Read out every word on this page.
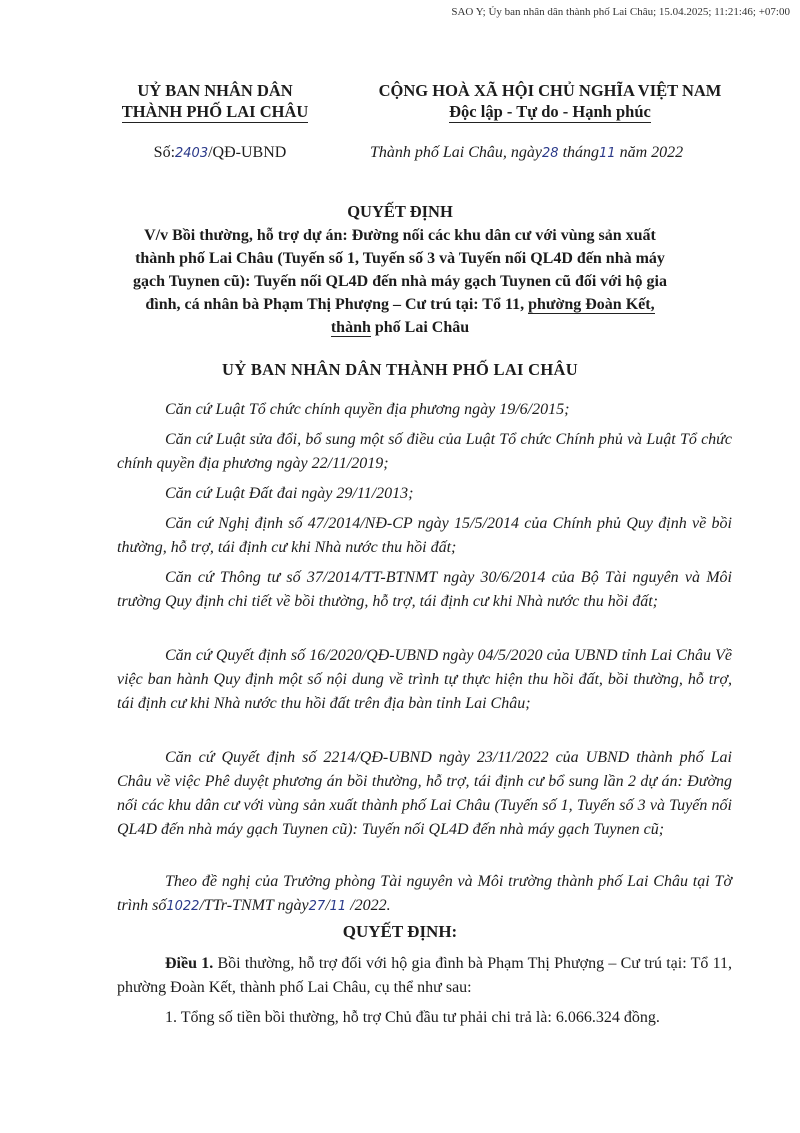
SAO Y; Ủy ban nhân dân thành phố Lai Châu; 15.04.2025; 11:21:46; +07:00
UỶ BAN NHÂN DÂN
THÀNH PHỐ LAI CHÂU
CỘNG HOÀ XÃ HỘI CHỦ NGHĨA VIỆT NAM
Độc lập - Tự do - Hạnh phúc
Số:2403/QĐ-UBND	Thành phố Lai Châu, ngày28 tháng11 năm 2022
QUYẾT ĐỊNH
V/v Bồi thường, hỗ trợ dự án: Đường nối các khu dân cư với vùng sản xuất thành phố Lai Châu (Tuyến số 1, Tuyến số 3 và Tuyến nối QL4D đến nhà máy gạch Tuynen cũ): Tuyến nối QL4D đến nhà máy gạch Tuynen cũ đối với hộ gia đình, cá nhân bà Phạm Thị Phượng – Cư trú tại: Tổ 11, phường Đoàn Kết, thành phố Lai Châu
UỶ BAN NHÂN DÂN THÀNH PHỐ LAI CHÂU
Căn cứ Luật Tổ chức chính quyền địa phương ngày 19/6/2015;
Căn cứ Luật sửa đổi, bổ sung một số điều của Luật Tổ chức Chính phủ và Luật Tổ chức chính quyền địa phương ngày 22/11/2019;
Căn cứ Luật Đất đai ngày 29/11/2013;
Căn cứ Nghị định số 47/2014/NĐ-CP ngày 15/5/2014 của Chính phủ Quy định về bồi thường, hỗ trợ, tái định cư khi Nhà nước thu hồi đất;
Căn cứ Thông tư số 37/2014/TT-BTNMT ngày 30/6/2014 của Bộ Tài nguyên và Môi trường Quy định chi tiết về bồi thường, hỗ trợ, tái định cư khi Nhà nước thu hồi đất;
Căn cứ Quyết định số 16/2020/QĐ-UBND ngày 04/5/2020 của UBND tỉnh Lai Châu Về việc ban hành Quy định một số nội dung về trình tự thực hiện thu hồi đất, bồi thường, hỗ trợ, tái định cư khi Nhà nước thu hồi đất trên địa bàn tỉnh Lai Châu;
Căn cứ Quyết định số 2214/QĐ-UBND ngày 23/11/2022 của UBND thành phố Lai Châu về việc Phê duyệt phương án bồi thường, hỗ trợ, tái định cư bổ sung lần 2 dự án: Đường nối các khu dân cư với vùng sản xuất thành phố Lai Châu (Tuyến số 1, Tuyến số 3 và Tuyến nối QL4D đến nhà máy gạch Tuynen cũ): Tuyến nối QL4D đến nhà máy gạch Tuynen cũ;
Theo đề nghị của Trưởng phòng Tài nguyên và Môi trường thành phố Lai Châu tại Tờ trình số1022/TTr-TNMT ngày27/11 /2022.
QUYẾT ĐỊNH:
Điều 1. Bồi thường, hỗ trợ đối với hộ gia đình bà Phạm Thị Phượng – Cư trú tại: Tổ 11, phường Đoàn Kết, thành phố Lai Châu, cụ thể như sau:
1. Tổng số tiền bồi thường, hỗ trợ Chủ đầu tư phải chi trả là: 6.066.324 đồng.
